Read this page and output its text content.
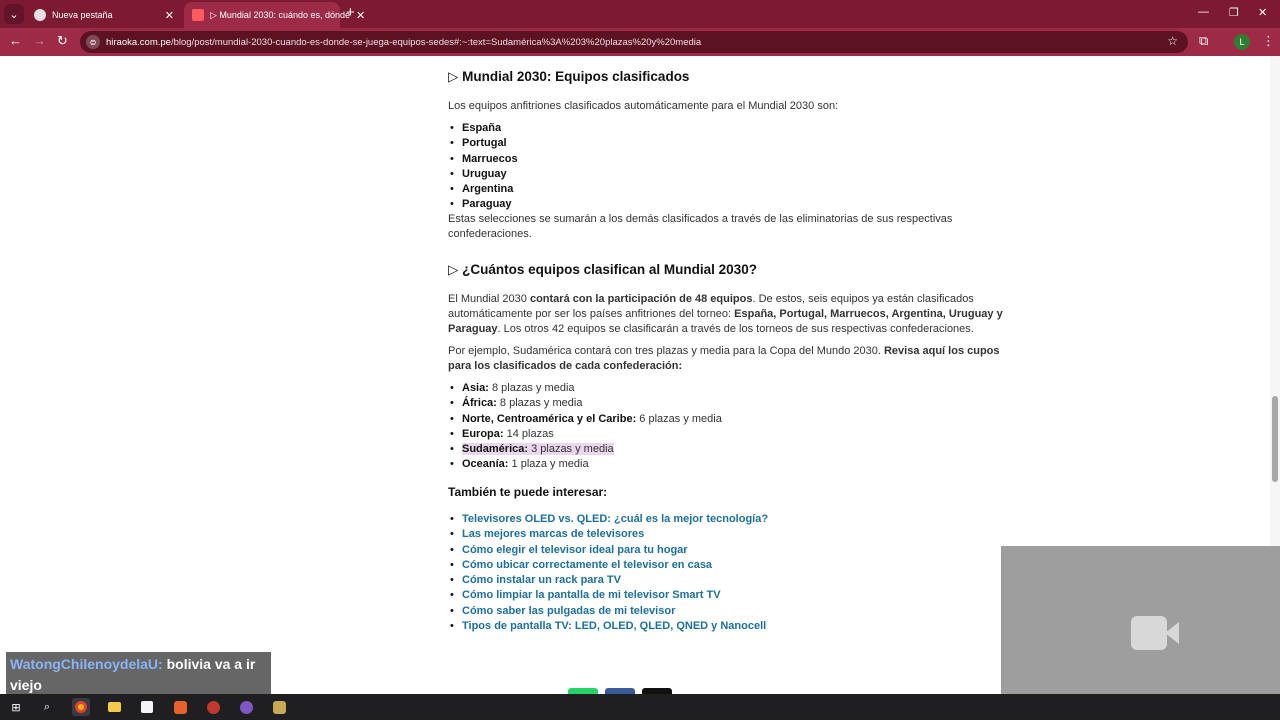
⌄	Nueva pestaña	✕	▷ Mundial 2030: cuándo es, dónde ✕
+	— ❐ ✕
← → ↻	⊜	hiraoka.com.pe/blog/post/mundial-2030-cuando-es-donde-se-juega-equipos-sedes#:~:text=Sudamérica%3A%203%20plazas%20y%20media	☆ ⧉	L	⋮
▷ Mundial 2030: Equipos clasificados

Los equipos anfitriones clasificados automáticamente para el Mundial 2030 son:

• España
• Portugal
• Marruecos
• Uruguay
• Argentina
• Paraguay

Estas selecciones se sumarán a los demás clasificados a través de las eliminatorias de sus respectivas confederaciones.

▷ ¿Cuántos equipos clasifican al Mundial 2030?

El Mundial 2030 contará con la participación de 48 equipos. De estos, seis equipos ya están clasificados automáticamente por ser los países anfitriones del torneo: España, Portugal, Marruecos, Argentina, Uruguay y Paraguay. Los otros 42 equipos se clasificarán a través de los torneos de sus respectivas confederaciones.

Por ejemplo, Sudamérica contará con tres plazas y media para la Copa del Mundo 2030. Revisa aquí los cupos para los clasificados de cada confederación:

• Asia: 8 plazas y media
• África: 8 plazas y media
• Norte, Centroamérica y el Caribe: 6 plazas y media
• Europa: 14 plazas
• Sudamérica: 3 plazas y media
• Oceanía: 1 plaza y media
También te puede interesar:
• Televisores OLED vs. QLED: ¿cuál es la mejor tecnología?
• Las mejores marcas de televisores
• Cómo elegir el televisor ideal para tu hogar
• Cómo ubicar correctamente el televisor en casa
• Cómo instalar un rack para TV
• Cómo limpiar la pantalla de mi televisor Smart TV
• Cómo saber las pulgadas de mi televisor
• Tipos de pantalla TV: LED, OLED, QLED, QNED y Nanocell
WatongChilenoydelaU: bolivia va a ir viejo
⊞	⌕
